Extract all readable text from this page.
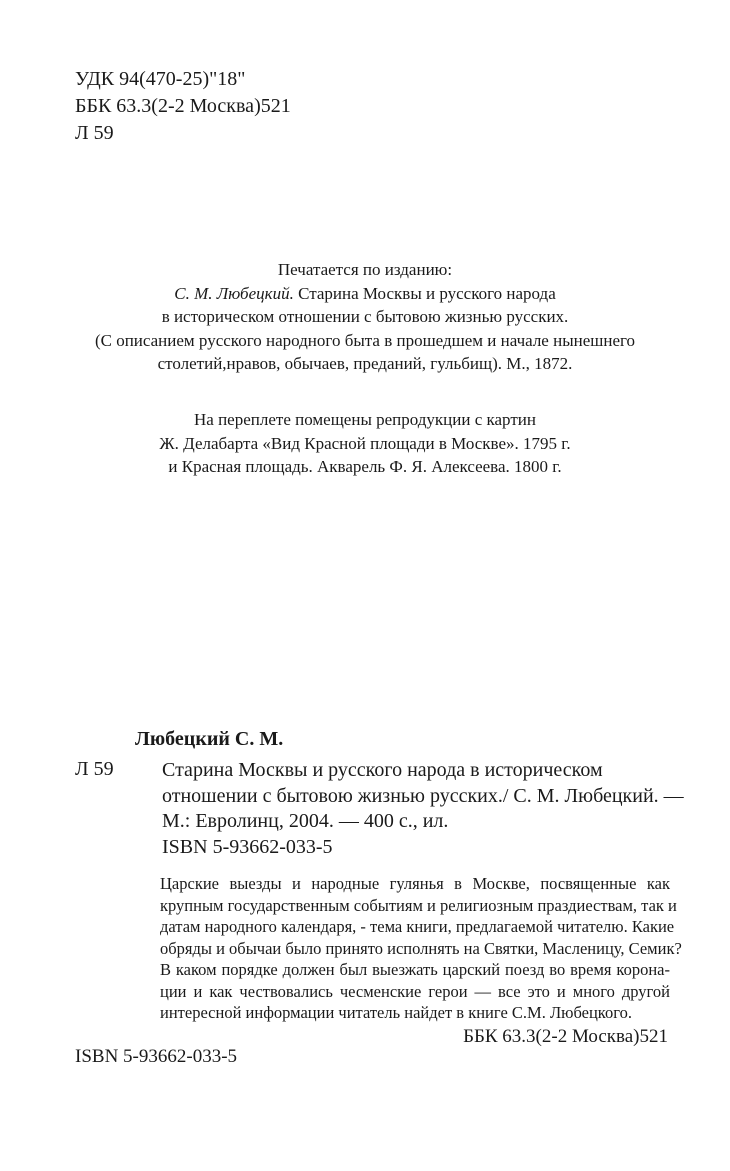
УДК 94(470-25)"18"
ББК 63.3(2-2 Москва)521
Л 59
Печатается по изданию:
С. М. Любецкий. Старина Москвы и русского народа
в историческом отношении с бытовою жизнью русских.
(С описанием русского народного быта в прошедшем и начале нынешнего
столетий,нравов, обычаев, преданий, гульбищ). М., 1872.
На переплете помещены репродукции с картин
Ж. Делабарта «Вид Красной площади в Москве». 1795 г.
и Красная площадь. Акварель Ф. Я. Алексеева. 1800 г.
Любецкий С. М.
Л 59 Старина Москвы и русского народа в историческом
отношении с бытовою жизнью русских./ С. М. Любецкий. —
М.: Евролинц, 2004. — 400 с., ил.
ISBN 5-93662-033-5
Царские выезды и народные гулянья в Москве, посвященные как
крупным государственным событиям и религиозным праздиествам, так и
датам народного календаря, - тема книги, предлагаемой читателю. Какие
обряды и обычаи было принято исполнять на Святки, Масленицу, Семик?
В каком порядке должен был выезжать царский поезд во время корона-
ции и как чествовались чесменские герои — все это и много другой
интересной информации читатель найдет в книге С.М. Любецкого.
ББК 63.3(2-2 Москва)521
ISBN 5-93662-033-5
